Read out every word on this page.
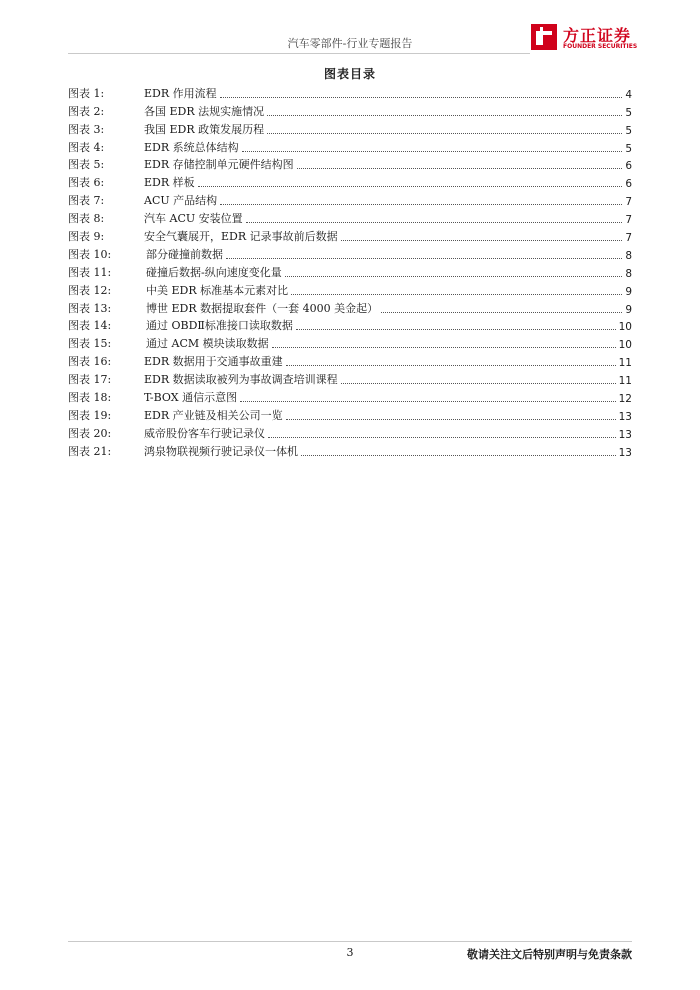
汽车零部件-行业专题报告	方正证券
FOUNDER SECURITIES
图表目录
图表 1:	EDR 作用流程	4
图表 2:	各国 EDR 法规实施情况	5
图表 3:	我国 EDR 政策发展历程	5
图表 4:	EDR 系统总体结构	5
图表 5:	EDR 存储控制单元硬件结构图	6
图表 6:	EDR 样板	6
图表 7:	ACU 产品结构	7
图表 8:	汽车 ACU 安装位置	7
图表 9:	安全气囊展开，EDR 记录事故前后数据	7
图表 10:	部分碰撞前数据	8
图表 11:	碰撞后数据-纵向速度变化量	8
图表 12:	中美 EDR 标准基本元素对比	9
图表 13:	博世 EDR 数据提取套件（一套 4000 美金起）	9
图表 14:	通过 OBDⅡ标准接口读取数据	10
图表 15:	通过 ACM 模块读取数据	10
图表 16:	EDR 数据用于交通事故重建	11
图表 17:	EDR 数据读取被列为事故调查培训课程	11
图表 18:	T-BOX 通信示意图	12
图表 19:	EDR 产业链及相关公司一览	13
图表 20:	威帝股份客车行驶记录仪	13
图表 21:	鸿泉物联视频行驶记录仪一体机	13
3	敬请关注文后特别声明与免责条款
